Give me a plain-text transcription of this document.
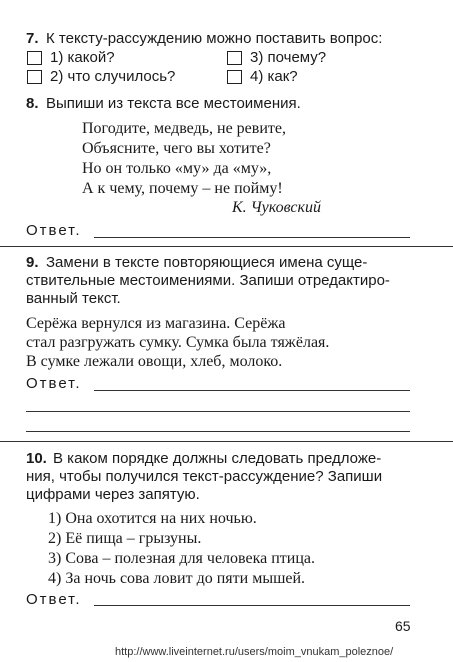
7. К тексту-рассуждению можно поставить вопрос:
1) какой?	3) почему?
2) что случилось?	4) как?
8. Выпиши из текста все местоимения.
Погодите, медведь, не ревите,
Объясните, чего вы хотите?
Но он только «му» да «му»,
А к чему, почему – не пойму!
К. Чуковский
Ответ.
9. Замени в тексте повторяющиеся имена суще-
ствительные местоимениями. Запиши отредактиро-
ванный текст.
Серёжа вернулся из магазина. Серёжа
стал разгружать сумку. Сумка была тяжёлая.
В сумке лежали овощи, хлеб, молоко.
Ответ.
10. В каком порядке должны следовать предложе-
ния, чтобы получился текст-рассуждение? Запиши
цифрами через запятую.
1) Она охотится на них ночью.
2) Её пища – грызуны.
3) Сова – полезная для человека птица.
4) За ночь сова ловит до пяти мышей.
Ответ.
65
http://www.liveinternet.ru/users/moim_vnukam_poleznoe/
